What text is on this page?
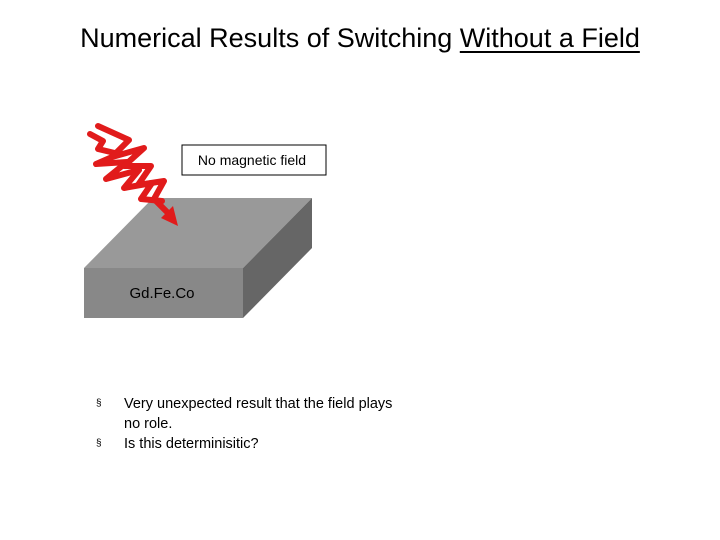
Numerical Results of Switching Without a Field
Gd.Fe.Co
No magnetic field
§	Very unexpected result that the field plays no role.
§	Is this determinisitic?
